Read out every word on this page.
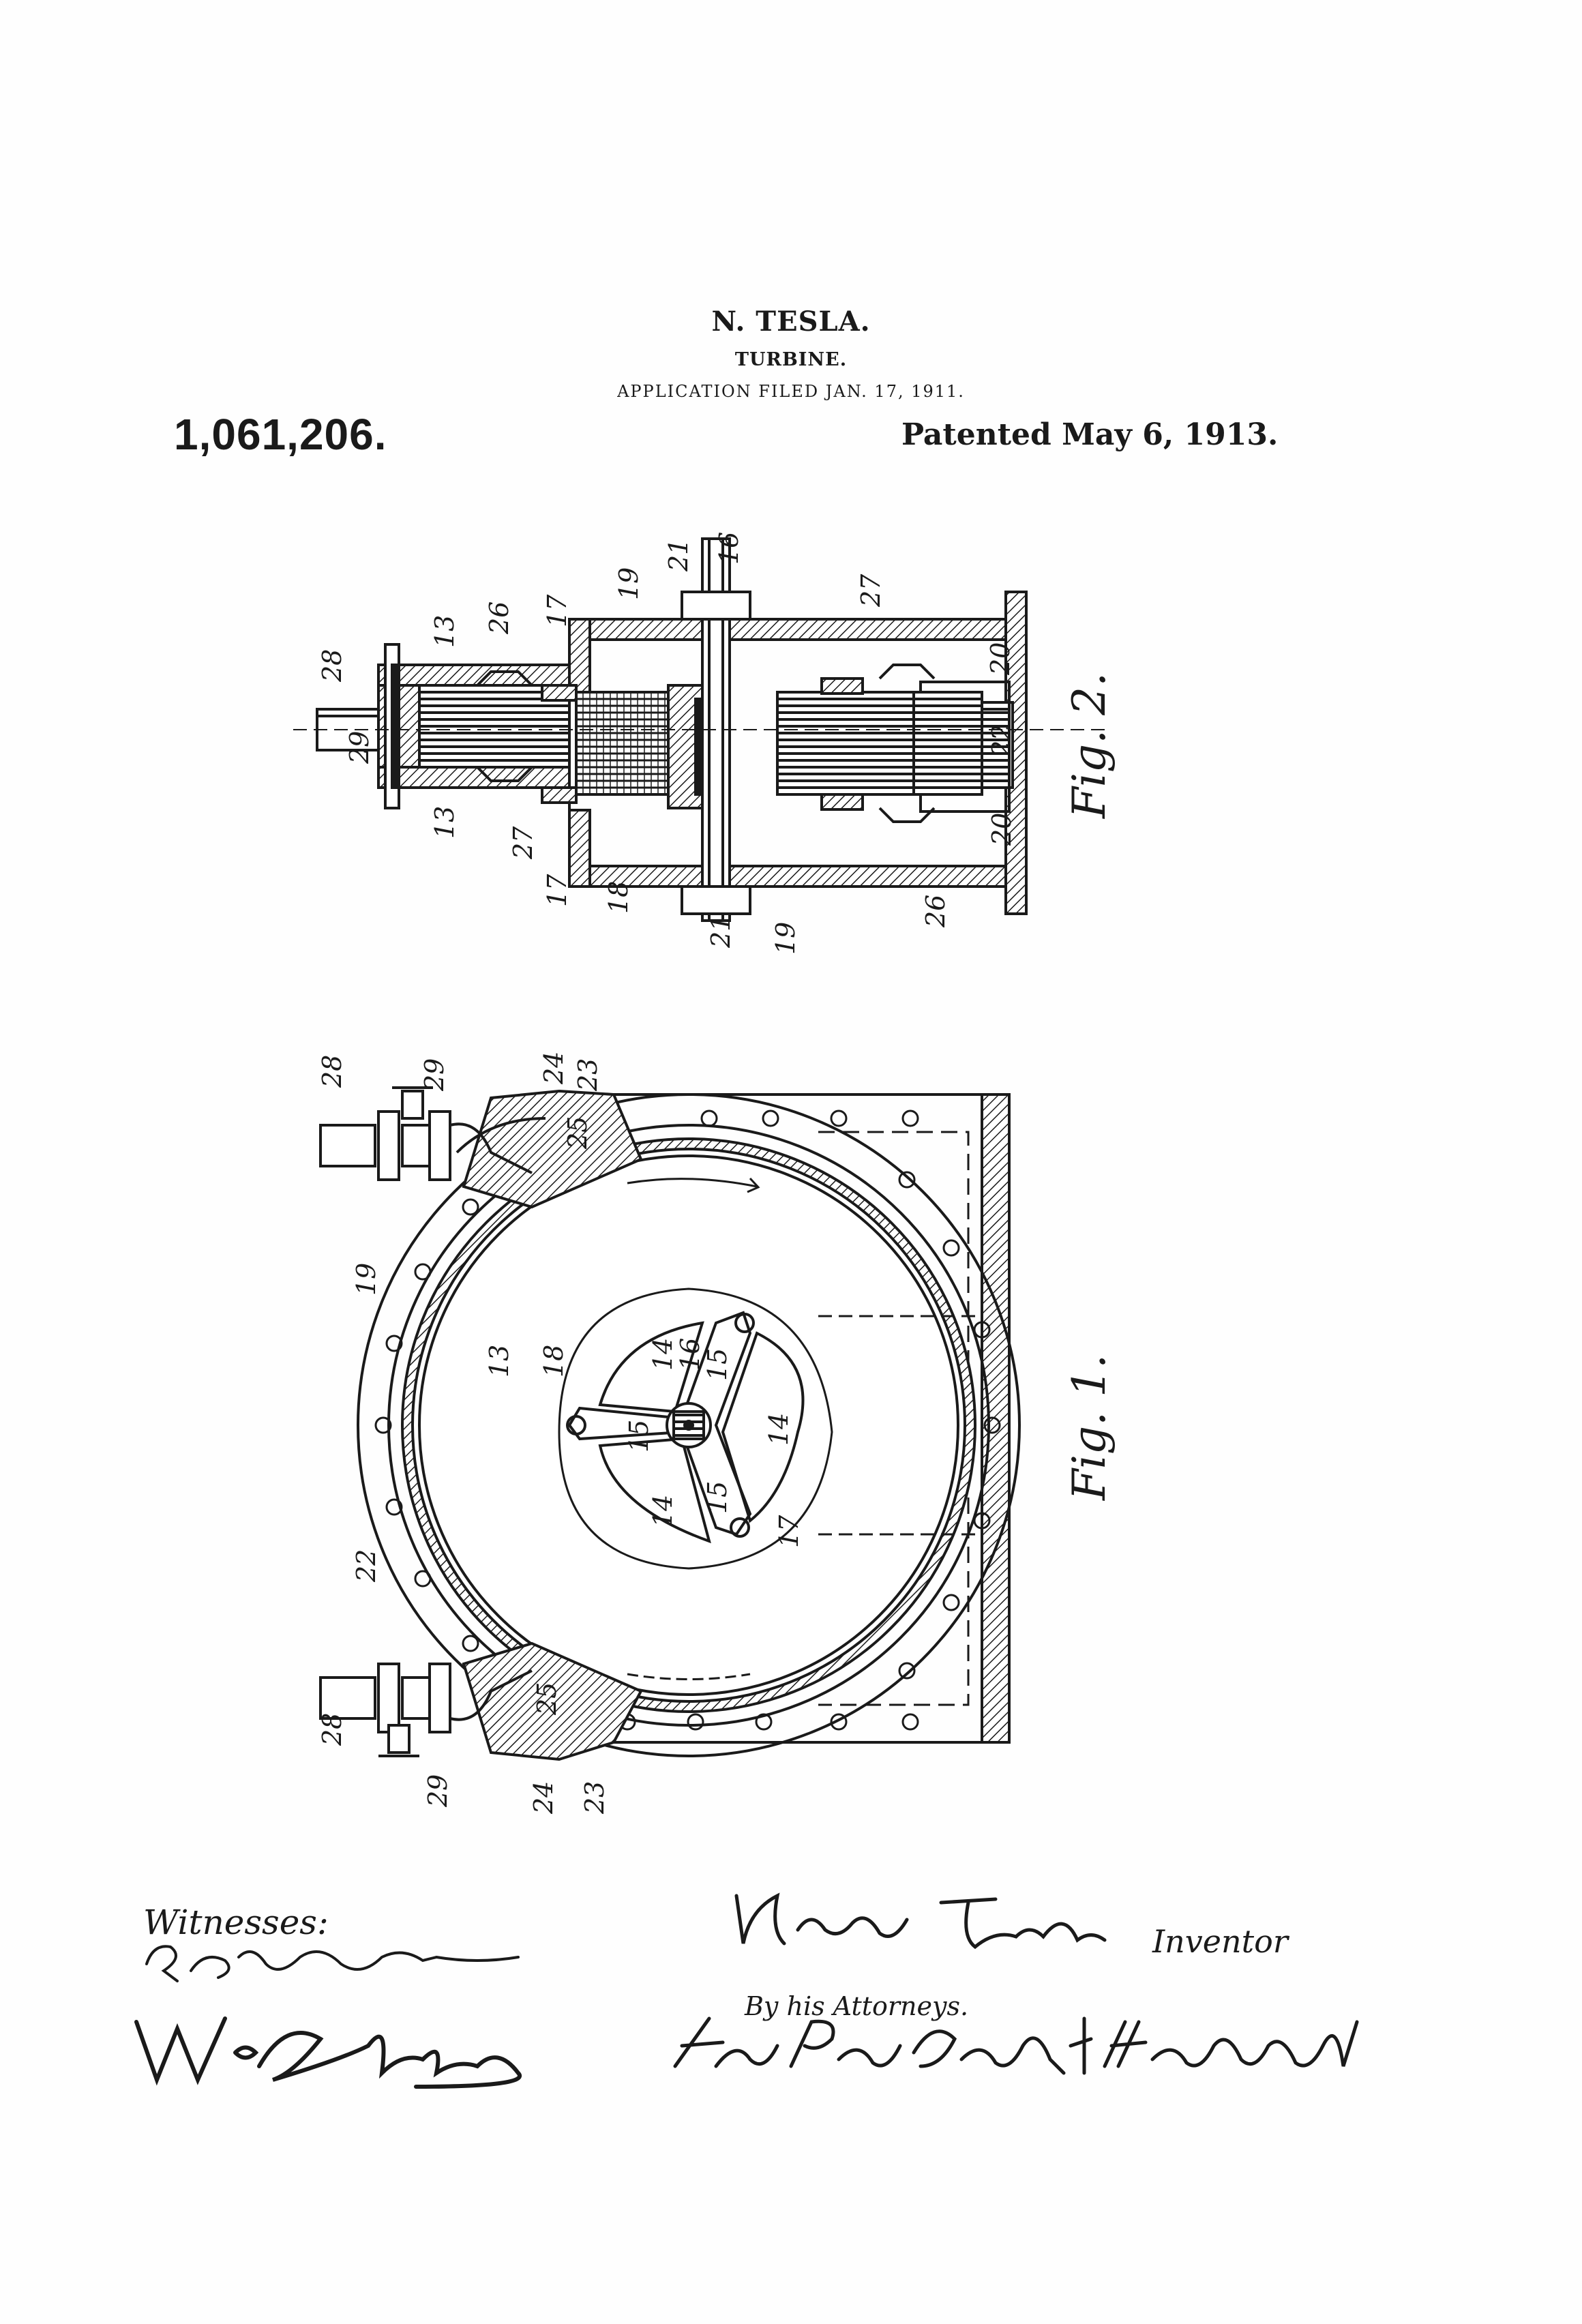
N. TESLA.
TURBINE.
APPLICATION FILED JAN. 17, 1911.
1,061,206.	Patented May 6, 1913.
28
29
13 26 17
19
21 16
27
20
22
13
27
17 18
21 19
26
20
Fig. 2.
28	29	24 23
25
19
13 18	14
16
15
15	14
14 15
17
22
28
29
25
24 23
Fig. 1.
Witnesses:	Inventor
By his Attorneys.
